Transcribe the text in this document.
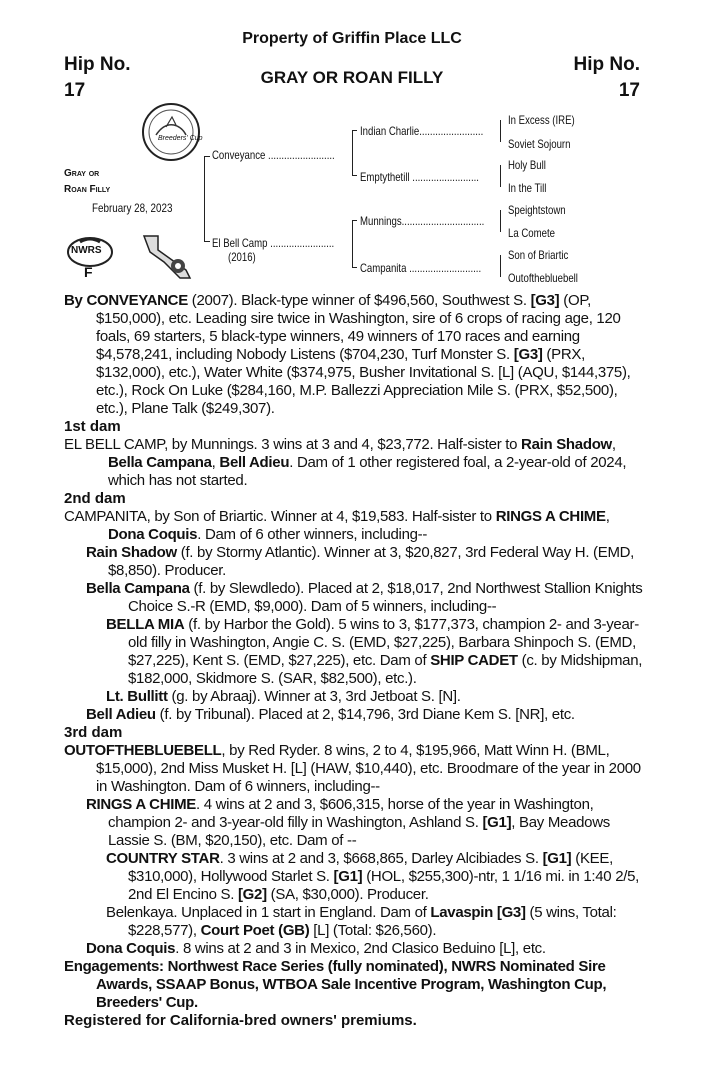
Property of Griffin Place LLC
Hip No.
17
Hip No.
17
GRAY OR ROAN FILLY
Gray or
Roan Filly
February 28, 2023
Breeders' Cup
NWRS
F
Conveyance .........................
El Bell Camp ........................
(2016)
Indian Charlie........................
Emptythetill .........................
Munnings...............................
Campanita ...........................
In Excess (IRE)
Soviet Sojourn
Holy Bull
In the Till
Speightstown
La Comete
Son of Briartic
Outofthebluebell

By CONVEYANCE (2007). Black-type winner of $496,560, Southwest S. [G3] (OP, $150,000), etc. Leading sire twice in Washington, sire of 6 crops of racing age, 120 foals, 69 starters, 5 black-type winners, 49 winners of 170 races and earning $4,578,241, including Nobody Listens ($704,230, Turf Monster S. [G3] (PRX, $132,000), etc.), Water White ($374,975, Busher Invitational S. [L] (AQU, $144,375), etc.), Rock On Luke ($284,160, M.P. Ballezzi Appreciation Mile S. (PRX, $52,500), etc.), Plane Talk ($249,307).

1st dam

EL BELL CAMP, by Munnings. 3 wins at 3 and 4, $23,772. Half-sister to Rain Shadow, Bella Campana, Bell Adieu. Dam of 1 other registered foal, a 2-year-old of 2024, which has not started.

2nd dam

CAMPANITA, by Son of Briartic. Winner at 4, $19,583. Half-sister to RINGS A CHIME, Dona Coquis. Dam of 6 other winners, including--

Rain Shadow (f. by Stormy Atlantic). Winner at 3, $20,827, 3rd Federal Way H. (EMD, $8,850). Producer.

Bella Campana (f. by Slewdledo). Placed at 2, $18,017, 2nd Northwest Stallion Knights Choice S.-R (EMD, $9,000). Dam of 5 winners, including--

BELLA MIA (f. by Harbor the Gold). 5 wins to 3, $177,373, champion 2- and 3-year-old filly in Washington, Angie C. S. (EMD, $27,225), Barbara Shinpoch S. (EMD, $27,225), Kent S. (EMD, $27,225), etc. Dam of SHIP CADET (c. by Midshipman, $182,000, Skidmore S. (SAR, $82,500), etc.).

Lt. Bullitt (g. by Abraaj). Winner at 3, 3rd Jetboat S. [N].

Bell Adieu (f. by Tribunal). Placed at 2, $14,796, 3rd Diane Kem S. [NR], etc.

3rd dam

OUTOFTHEBLUEBELL, by Red Ryder. 8 wins, 2 to 4, $195,966, Matt Winn H. (BML, $15,000), 2nd Miss Musket H. [L] (HAW, $10,440), etc. Broodmare of the year in 2000 in Washington. Dam of 6 winners, including--

RINGS A CHIME. 4 wins at 2 and 3, $606,315, horse of the year in Washington, champion 2- and 3-year-old filly in Washington, Ashland S. [G1], Bay Meadows Lassie S. (BM, $20,150), etc. Dam of --

COUNTRY STAR. 3 wins at 2 and 3, $668,865, Darley Alcibiades S. [G1] (KEE, $310,000), Hollywood Starlet S. [G1] (HOL, $255,300)-ntr, 1 1/16 mi. in 1:40 2/5, 2nd El Encino S. [G2] (SA, $30,000). Producer.

Belenkaya. Unplaced in 1 start in England. Dam of Lavaspin [G3] (5 wins, Total: $228,577), Court Poet (GB) [L] (Total: $26,560).

Dona Coquis. 8 wins at 2 and 3 in Mexico, 2nd Clasico Beduino [L], etc.

Engagements: Northwest Race Series (fully nominated), NWRS Nominated Sire Awards, SSAAP Bonus, WTBOA Sale Incentive Program, Washington Cup, Breeders' Cup.

Registered for California-bred owners' premiums.
